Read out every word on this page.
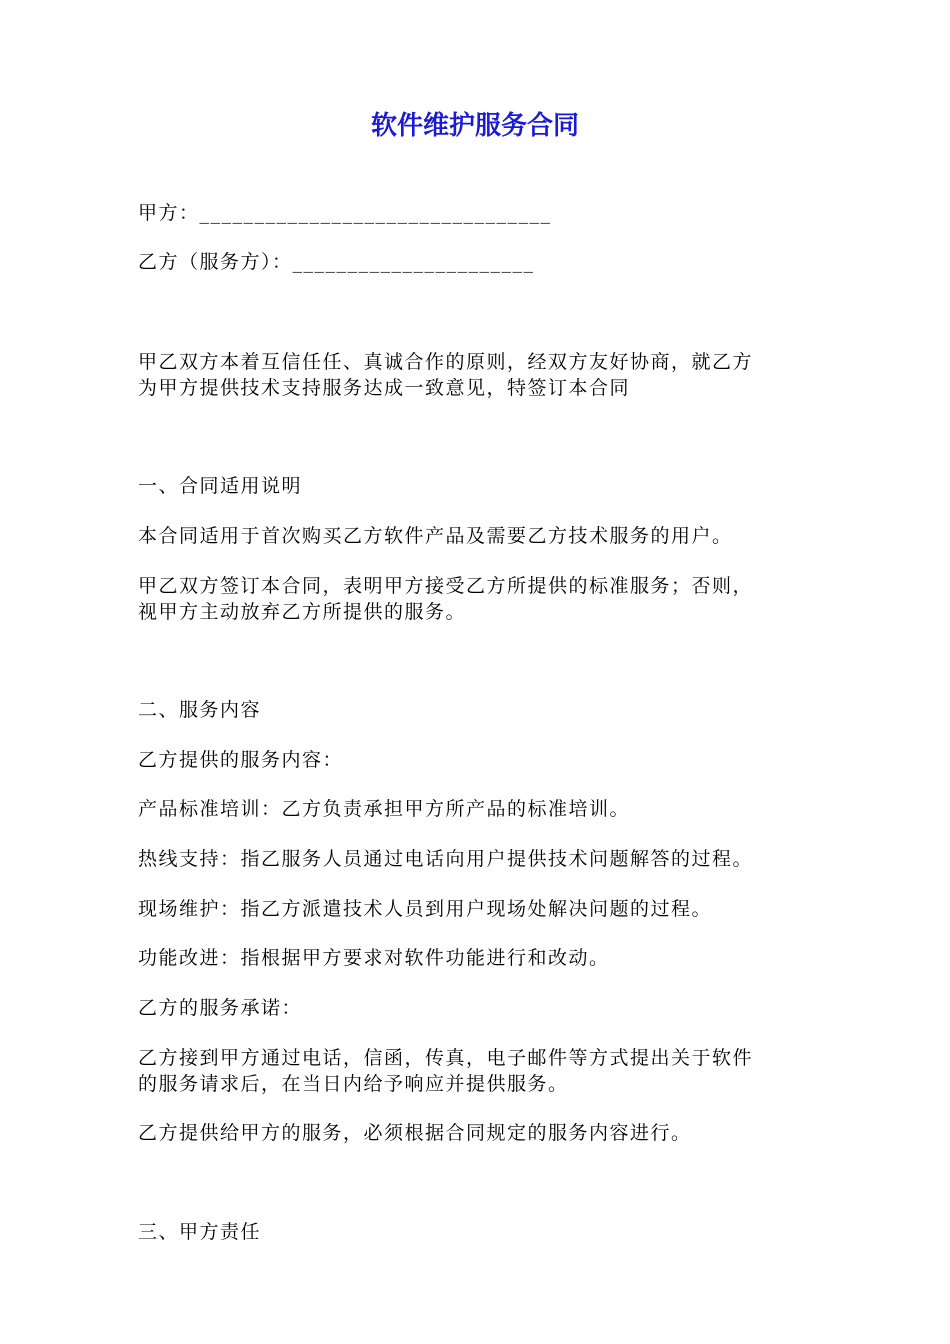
软件维护服务合同
甲方：________________________________
乙方（服务方）：______________________
甲乙双方本着互信任任、真诚合作的原则，经双方友好协商，就乙方
为甲方提供技术支持服务达成一致意见，特签订本合同
一、合同适用说明
本合同适用于首次购买乙方软件产品及需要乙方技术服务的用户。
甲乙双方签订本合同，表明甲方接受乙方所提供的标准服务；否则，
视甲方主动放弃乙方所提供的服务。
二、服务内容
乙方提供的服务内容：
产品标准培训：乙方负责承担甲方所产品的标准培训。
热线支持：指乙服务人员通过电话向用户提供技术问题解答的过程。
现场维护：指乙方派遣技术人员到用户现场处解决问题的过程。
功能改进：指根据甲方要求对软件功能进行和改动。
乙方的服务承诺：
乙方接到甲方通过电话，信函，传真，电子邮件等方式提出关于软件
的服务请求后，在当日内给予响应并提供服务。
乙方提供给甲方的服务，必须根据合同规定的服务内容进行。
三、甲方责任
